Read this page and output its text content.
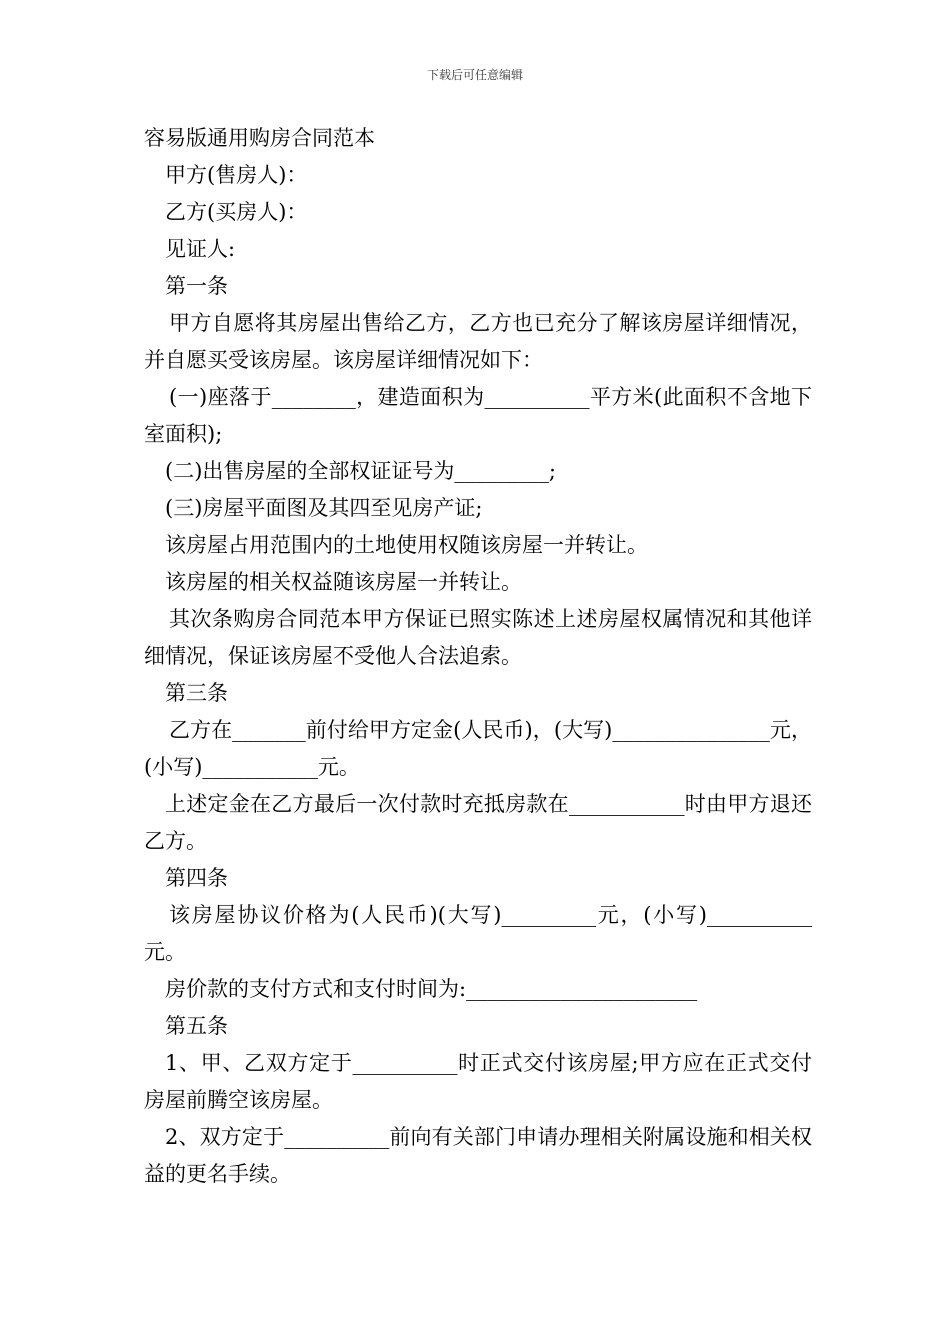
下载后可任意编辑

容易版通用购房合同范本

甲方(售房人)：

乙方(买房人)：

见证人:

第一条

甲方自愿将其房屋出售给乙方，乙方也已充分了解该房屋详细情况，并自愿买受该房屋。该房屋详细情况如下：

(一)座落于________，建造面积为__________平方米(此面积不含地下室面积);

(二)出售房屋的全部权证证号为_________;

(三)房屋平面图及其四至见房产证;

该房屋占用范围内的土地使用权随该房屋一并转让。

该房屋的相关权益随该房屋一并转让。

其次条购房合同范本甲方保证已照实陈述上述房屋权属情况和其他详细情况，保证该房屋不受他人合法追索。

第三条

乙方在_______前付给甲方定金(人民币)，(大写)_______________元，(小写)___________元。

上述定金在乙方最后一次付款时充抵房款在___________时由甲方退还乙方。

第四条

该房屋协议价格为(人民币)(大写)_________元，(小写)__________元。

房价款的支付方式和支付时间为:______________________

第五条

1、甲、乙双方定于__________时正式交付该房屋;甲方应在正式交付房屋前腾空该房屋。

2、双方定于__________前向有关部门申请办理相关附属设施和相关权益的更名手续。
